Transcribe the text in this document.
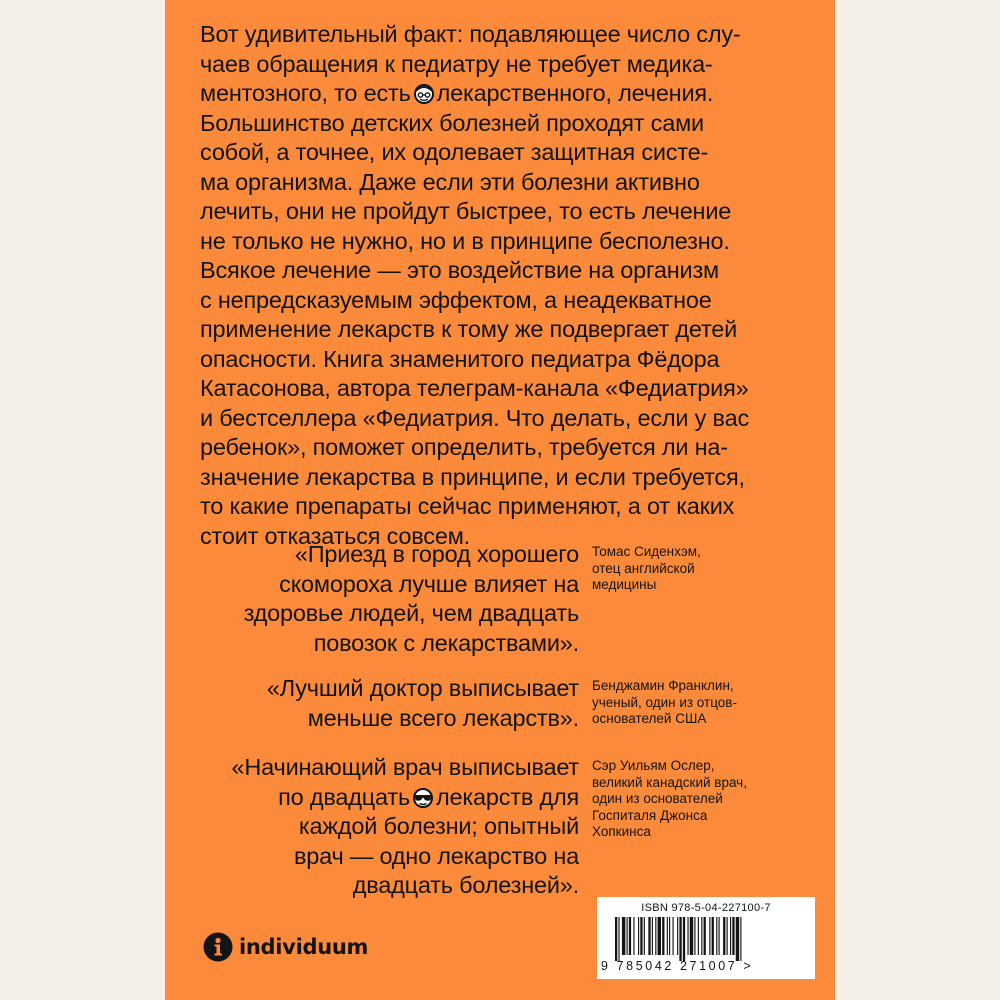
Вот удивительный факт: подавляющее число слу-
чаев обращения к педиатру не требует медика-
ментозного, то есть лекарственного, лечения.
Большинство детских болезней проходят сами
собой, а точнее, их одолевает защитная систе-
ма организма. Даже если эти болезни активно
лечить, они не пройдут быстрее, то есть лечение
не только не нужно, но и в принципе бесполезно.
Всякое лечение — это воздействие на организм
с непредсказуемым эффектом, а неадекватное
применение лекарств к тому же подвергает детей
опасности. Книга знаменитого педиатра Фёдора
Катасонова, автора телеграм-канала «Федиатрия»
и бестселлера «Федиатрия. Что делать, если у вас
ребенок», поможет определить, требуется ли на-
значение лекарства в принципе, и если требуется,
то какие препараты сейчас применяют, а от каких
стоит отказаться совсем.
«Приезд в город хорошего
скомороха лучше влияет на
здоровье людей, чем двадцать
повозок с лекарствами».
Томас Сиденхэм,
отец английской
медицины
«Лучший доктор выписывает
меньше всего лекарств».
Бенджамин Франклин,
ученый, один из отцов-
основателей США
«Начинающий врач выписывает
по двадцать лекарств для
каждой болезни; опытный
врач — одно лекарство на
двадцать болезней».
Сэр Уильям Ослер,
великий канадский врач,
один из основателей
Госпиталя Джонса
Хопкинса
individuum
ISBN 978-5-04-227100-7
9 785042 271007 >
